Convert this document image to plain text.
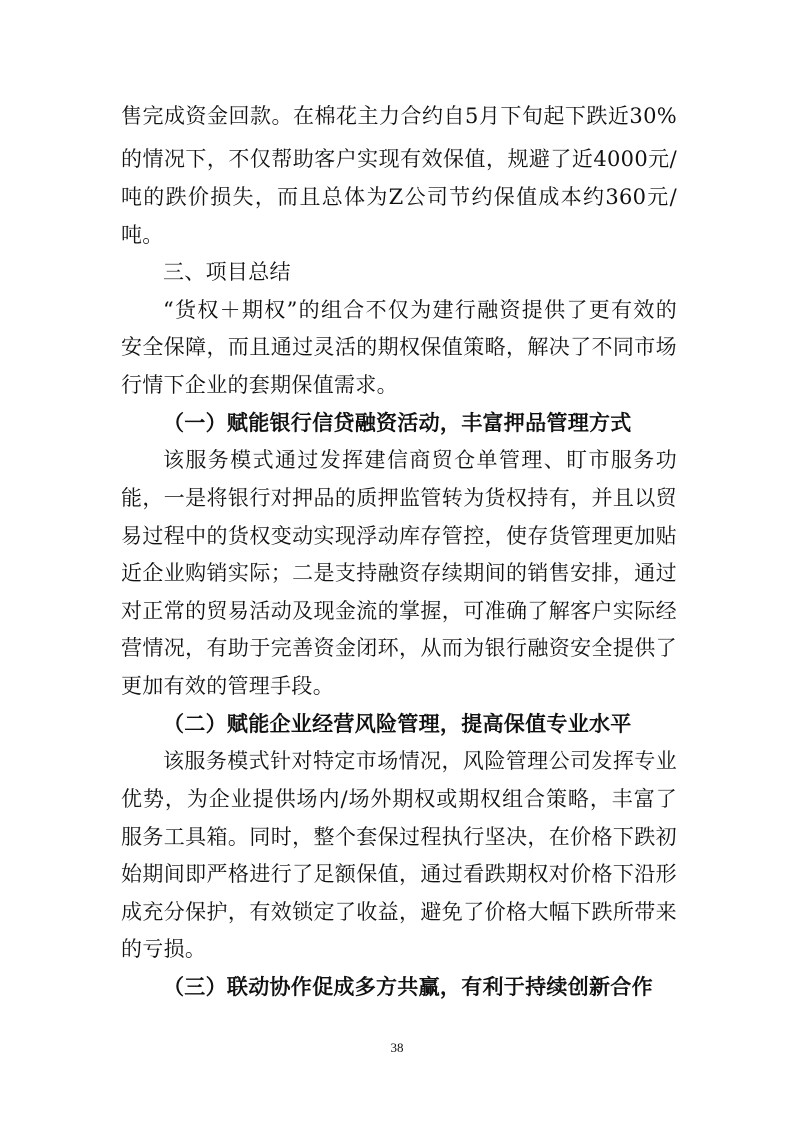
售完成资金回款。在棉花主力合约自5月下旬起下跌近30%
的情况下，不仅帮助客户实现有效保值，规避了近4000元/
吨的跌价损失，而且总体为Z公司节约保值成本约360元/
吨。
三、项目总结
“货权＋期权”的组合不仅为建行融资提供了更有效的
安全保障，而且通过灵活的期权保值策略，解决了不同市场
行情下企业的套期保值需求。
（一）赋能银行信贷融资活动，丰富押品管理方式
该服务模式通过发挥建信商贸仓单管理、盯市服务功
能，一是将银行对押品的质押监管转为货权持有，并且以贸
易过程中的货权变动实现浮动库存管控，使存货管理更加贴
近企业购销实际；二是支持融资存续期间的销售安排，通过
对正常的贸易活动及现金流的掌握，可准确了解客户实际经
营情况，有助于完善资金闭环，从而为银行融资安全提供了
更加有效的管理手段。
（二）赋能企业经营风险管理，提高保值专业水平
该服务模式针对特定市场情况，风险管理公司发挥专业
优势，为企业提供场内/场外期权或期权组合策略，丰富了
服务工具箱。同时，整个套保过程执行坚决，在价格下跌初
始期间即严格进行了足额保值，通过看跌期权对价格下沿形
成充分保护，有效锁定了收益，避免了价格大幅下跌所带来
的亏损。
（三）联动协作促成多方共赢，有利于持续创新合作
38
